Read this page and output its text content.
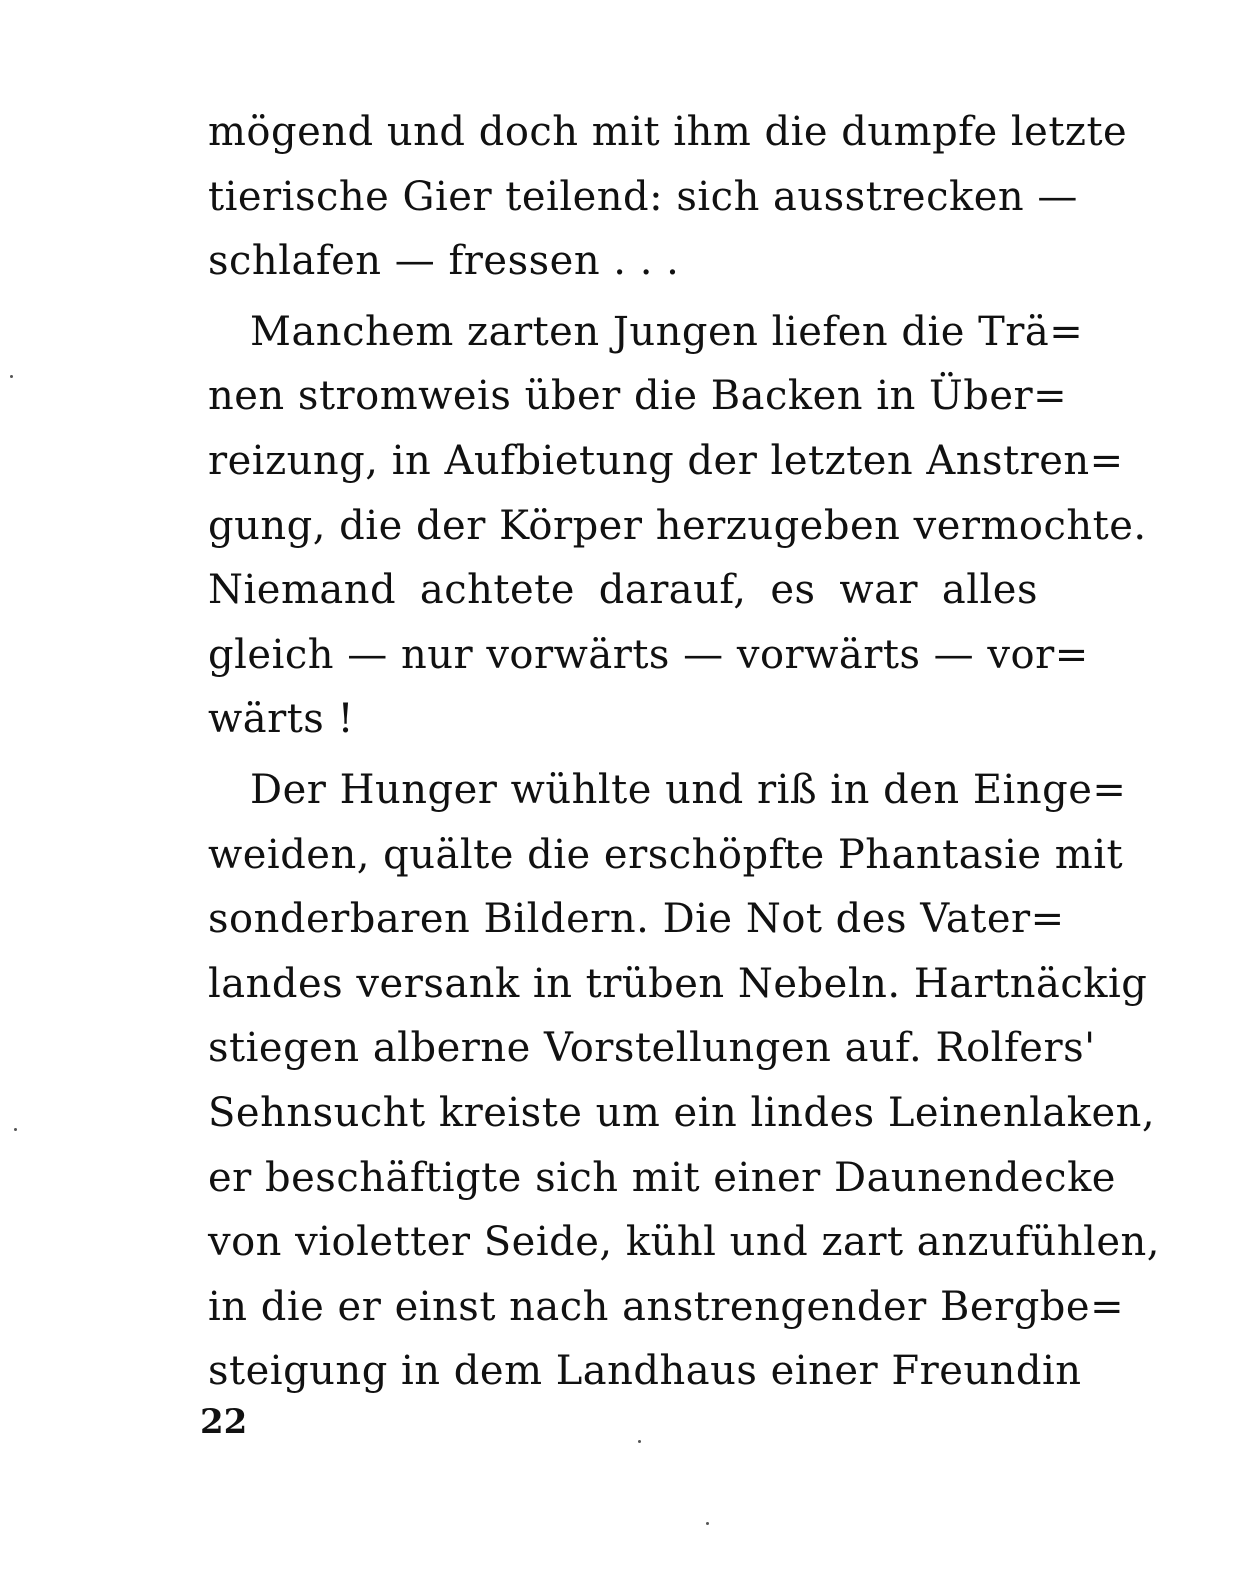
mögend und doch mit ihm die dumpfe letzte
tierische Gier teilend: sich ausstrecken —
schlafen — fressen . . .
Manchem zarten Jungen liefen die Trä=
nen stromweis über die Backen in Über=
reizung, in Aufbietung der letzten Anstren=
gung, die der Körper herzugeben vermochte.
Niemand achtete darauf, es war alles
gleich — nur vorwärts — vorwärts — vor=
wärts !
Der Hunger wühlte und riß in den Einge=
weiden, quälte die erschöpfte Phantasie mit
sonderbaren Bildern. Die Not des Vater=
landes versank in trüben Nebeln. Hartnäckig
stiegen alberne Vorstellungen auf. Rolfers'
Sehnsucht kreiste um ein lindes Leinenlaken,
er beschäftigte sich mit einer Daunendecke
von violetter Seide, kühl und zart anzufühlen,
in die er einst nach anstrengender Bergbe=
steigung in dem Landhaus einer Freundin
22
